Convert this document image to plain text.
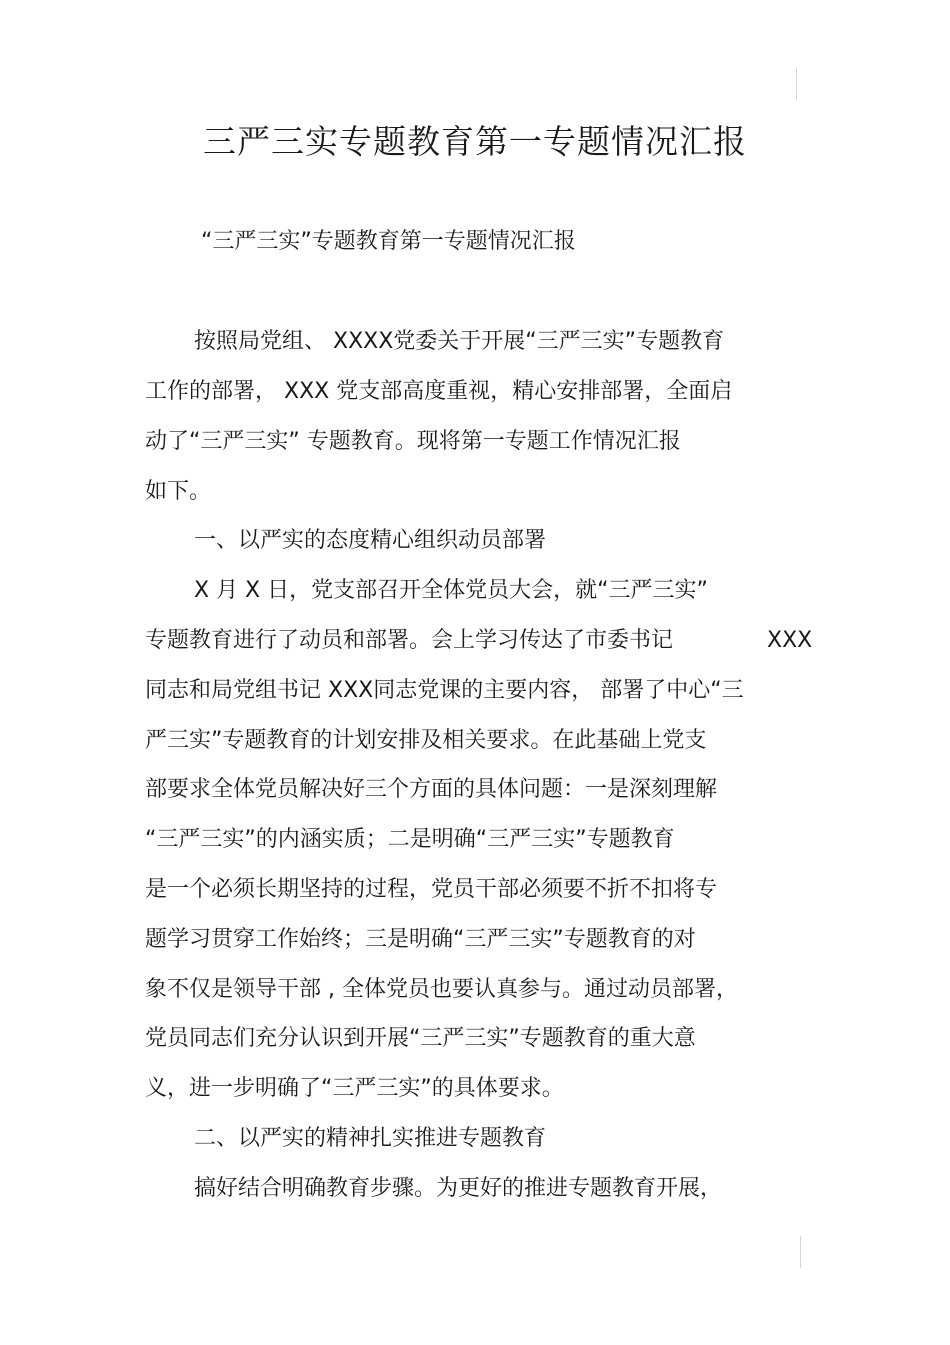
三严三实专题教育第一专题情况汇报

“三严三实”专题教育第一专题情况汇报

按照局党组、 XXXX党委关于开展“三严三实”专题教育

工作的部署， XXX 党支部高度重视，精心安排部署，全面启

动了“三严三实” 专题教育。现将第一专题工作情况汇报

如下。

一、以严实的态度精心组织动员部署

X 月 X 日，党支部召开全体党员大会，就“三严三实”

专题教育进行了动员和部署。会上学习传达了市委书记	XXX

同志和局党组书记 XXX同志党课的主要内容， 部署了中心“三

严三实”专题教育的计划安排及相关要求。在此基础上党支

部要求全体党员解决好三个方面的具体问题：一是深刻理解

“三严三实”的内涵实质；二是明确“三严三实”专题教育

是一个必须长期坚持的过程，党员干部必须要不折不扣将专

题学习贯穿工作始终；三是明确“三严三实”专题教育的对

象不仅是领导干部 , 全体党员也要认真参与。通过动员部署，

党员同志们充分认识到开展“三严三实”专题教育的重大意

义，进一步明确了“三严三实”的具体要求。

二、以严实的精神扎实推进专题教育

搞好结合明确教育步骤。为更好的推进专题教育开展，
